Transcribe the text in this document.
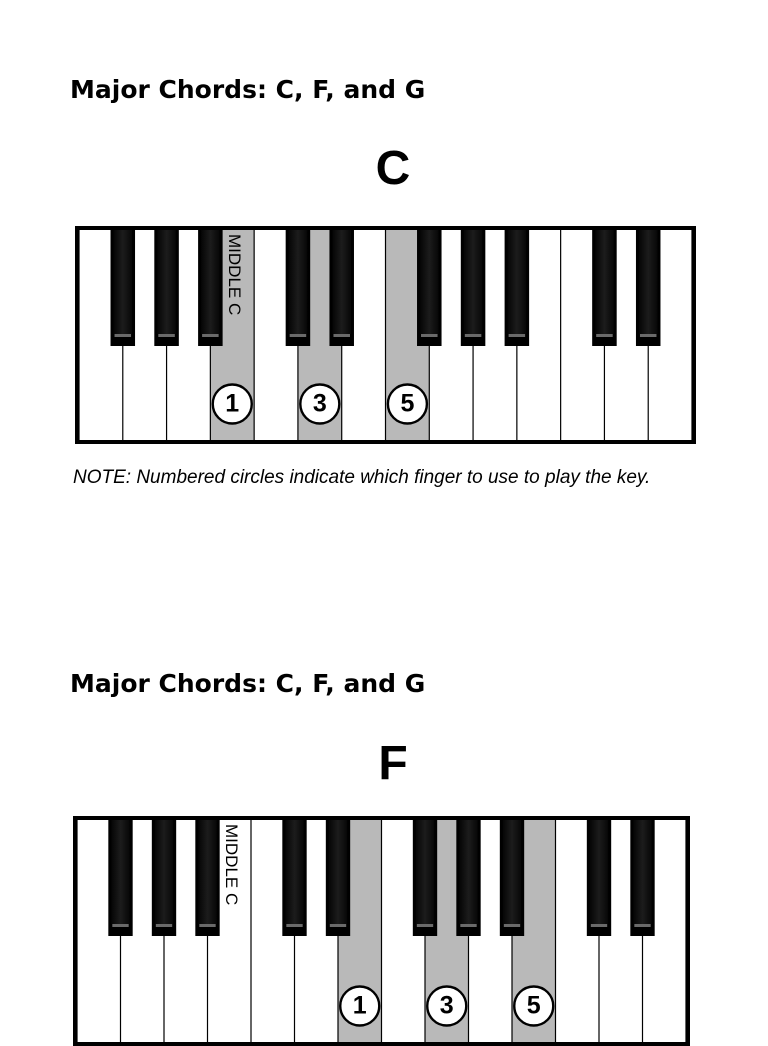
Major Chords: C, F, and G
C
MIDDLE C
1	3	5
NOTE: Numbered circles indicate which finger to use to play the key.
Major Chords: C, F, and G
F
MIDDLE C
1	3	5
